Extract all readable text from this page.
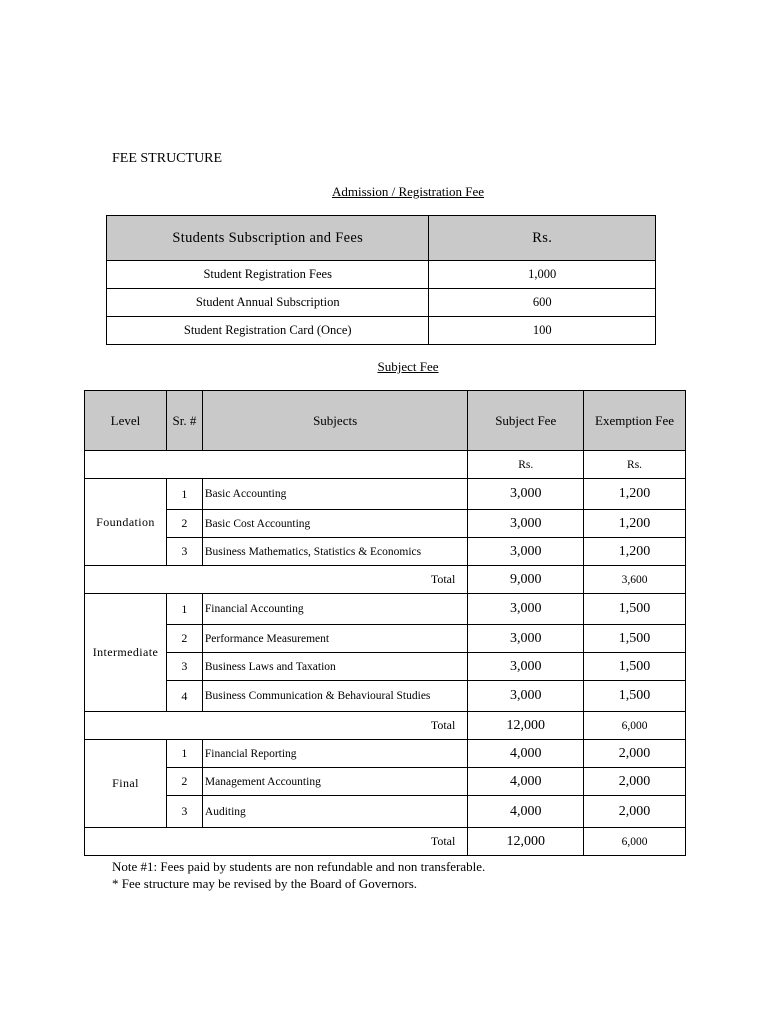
FEE STRUCTURE
Admission / Registration Fee
Students Subscription and Fees	Rs.
Student Registration Fees	1,000
Student Annual Subscription	600
Student Registration Card (Once)	100
Subject Fee
Level	Sr. #	Subjects	Subject Fee	Exemption Fee
			Rs.	Rs.
Foundation	1	Basic Accounting	3,000	1,200
	2	Basic Cost Accounting	3,000	1,200
	3	Business Mathematics, Statistics & Economics	3,000	1,200
Total			9,000	3,600
Intermediate	1	Financial Accounting	3,000	1,500
	2	Performance Measurement	3,000	1,500
	3	Business Laws and Taxation	3,000	1,500
	4	Business Communication & Behavioural Studies	3,000	1,500
Total			12,000	6,000
Final	1	Financial Reporting	4,000	2,000
	2	Management Accounting	4,000	2,000
	3	Auditing	4,000	2,000
Total			12,000	6,000
Note #1: Fees paid by students are non refundable and non transferable.
* Fee structure may be revised by the Board of Governors.
